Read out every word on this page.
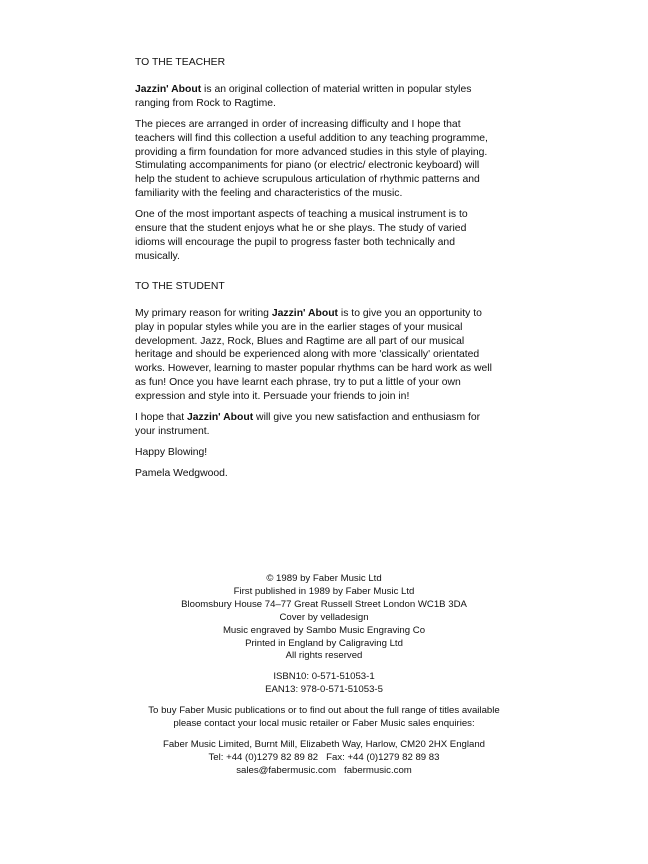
TO THE TEACHER

Jazzin' About is an original collection of material written in popular styles ranging from Rock to Ragtime.

The pieces are arranged in order of increasing difficulty and I hope that teachers will find this collection a useful addition to any teaching programme, providing a firm foundation for more advanced studies in this style of playing. Stimulating accompaniments for piano (or electric/ electronic keyboard) will help the student to achieve scrupulous articulation of rhythmic patterns and familiarity with the feeling and characteristics of the music.

One of the most important aspects of teaching a musical instrument is to ensure that the student enjoys what he or she plays. The study of varied idioms will encourage the pupil to progress faster both technically and musically.

TO THE STUDENT

My primary reason for writing Jazzin' About is to give you an opportunity to play in popular styles while you are in the earlier stages of your musical development. Jazz, Rock, Blues and Ragtime are all part of our musical heritage and should be experienced along with more 'classically' orientated works. However, learning to master popular rhythms can be hard work as well as fun! Once you have learnt each phrase, try to put a little of your own expression and style into it. Persuade your friends to join in!

I hope that Jazzin' About will give you new satisfaction and enthusiasm for your instrument.

Happy Blowing!

Pamela Wedgwood.

© 1989 by Faber Music Ltd
First published in 1989 by Faber Music Ltd
Bloomsbury House 74–77 Great Russell Street London WC1B 3DA
Cover by velladesign
Music engraved by Sambo Music Engraving Co
Printed in England by Caligraving Ltd
All rights reserved
ISBN10: 0-571-51053-1
EAN13: 978-0-571-51053-5
To buy Faber Music publications or to find out about the full range of titles available
please contact your local music retailer or Faber Music sales enquiries:
Faber Music Limited, Burnt Mill, Elizabeth Way, Harlow, CM20 2HX England
Tel: +44 (0)1279 82 89 82   Fax: +44 (0)1279 82 89 83
sales@fabermusic.com   fabermusic.com
